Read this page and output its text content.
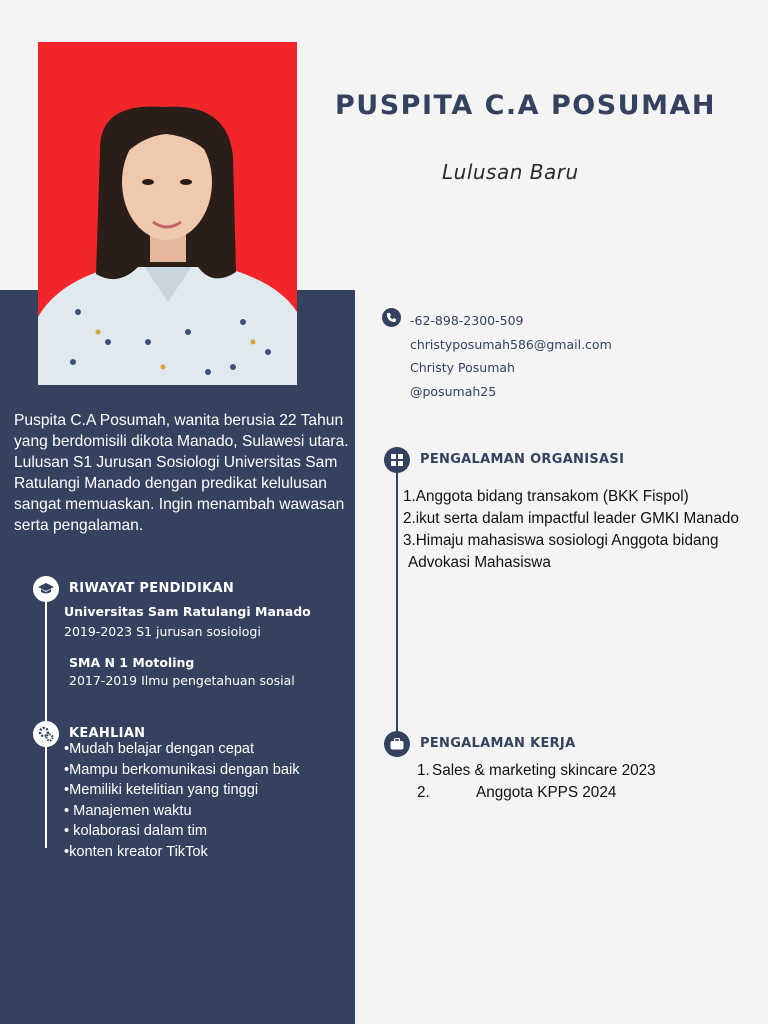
PUSPITA C.A POSUMAH
Lulusan Baru
Puspita C.A Posumah, wanita berusia 22 Tahun yang berdomisili dikota Manado, Sulawesi utara. Lulusan S1 Jurusan Sosiologi Universitas Sam Ratulangi Manado dengan predikat kelulusan sangat memuaskan. Ingin menambah wawasan serta pengalaman.
RIWAYAT PENDIDIKAN
Universitas Sam Ratulangi Manado
2019-2023 S1 jurusan sosiologi
SMA N 1 Motoling
2017-2019 Ilmu pengetahuan sosial
KEAHLIAN
•Mudah belajar dengan cepat
•Mampu berkomunikasi dengan baik
•Memiliki ketelitian yang tinggi
• Manajemen waktu
• kolaborasi dalam tim
•konten kreator TikTok
-62-898-2300-509
christyposumah586@gmail.com
Christy Posumah
@posumah25
PENGALAMAN ORGANISASI
1.Anggota bidang transakom (BKK Fispol)
2.ikut serta dalam impactful leader GMKI Manado
3.Himaju mahasiswa sosiologi Anggota bidang
Advokasi Mahasiswa
PENGALAMAN KERJA
1. Sales & marketing skincare 2023
2.	Anggota KPPS 2024
